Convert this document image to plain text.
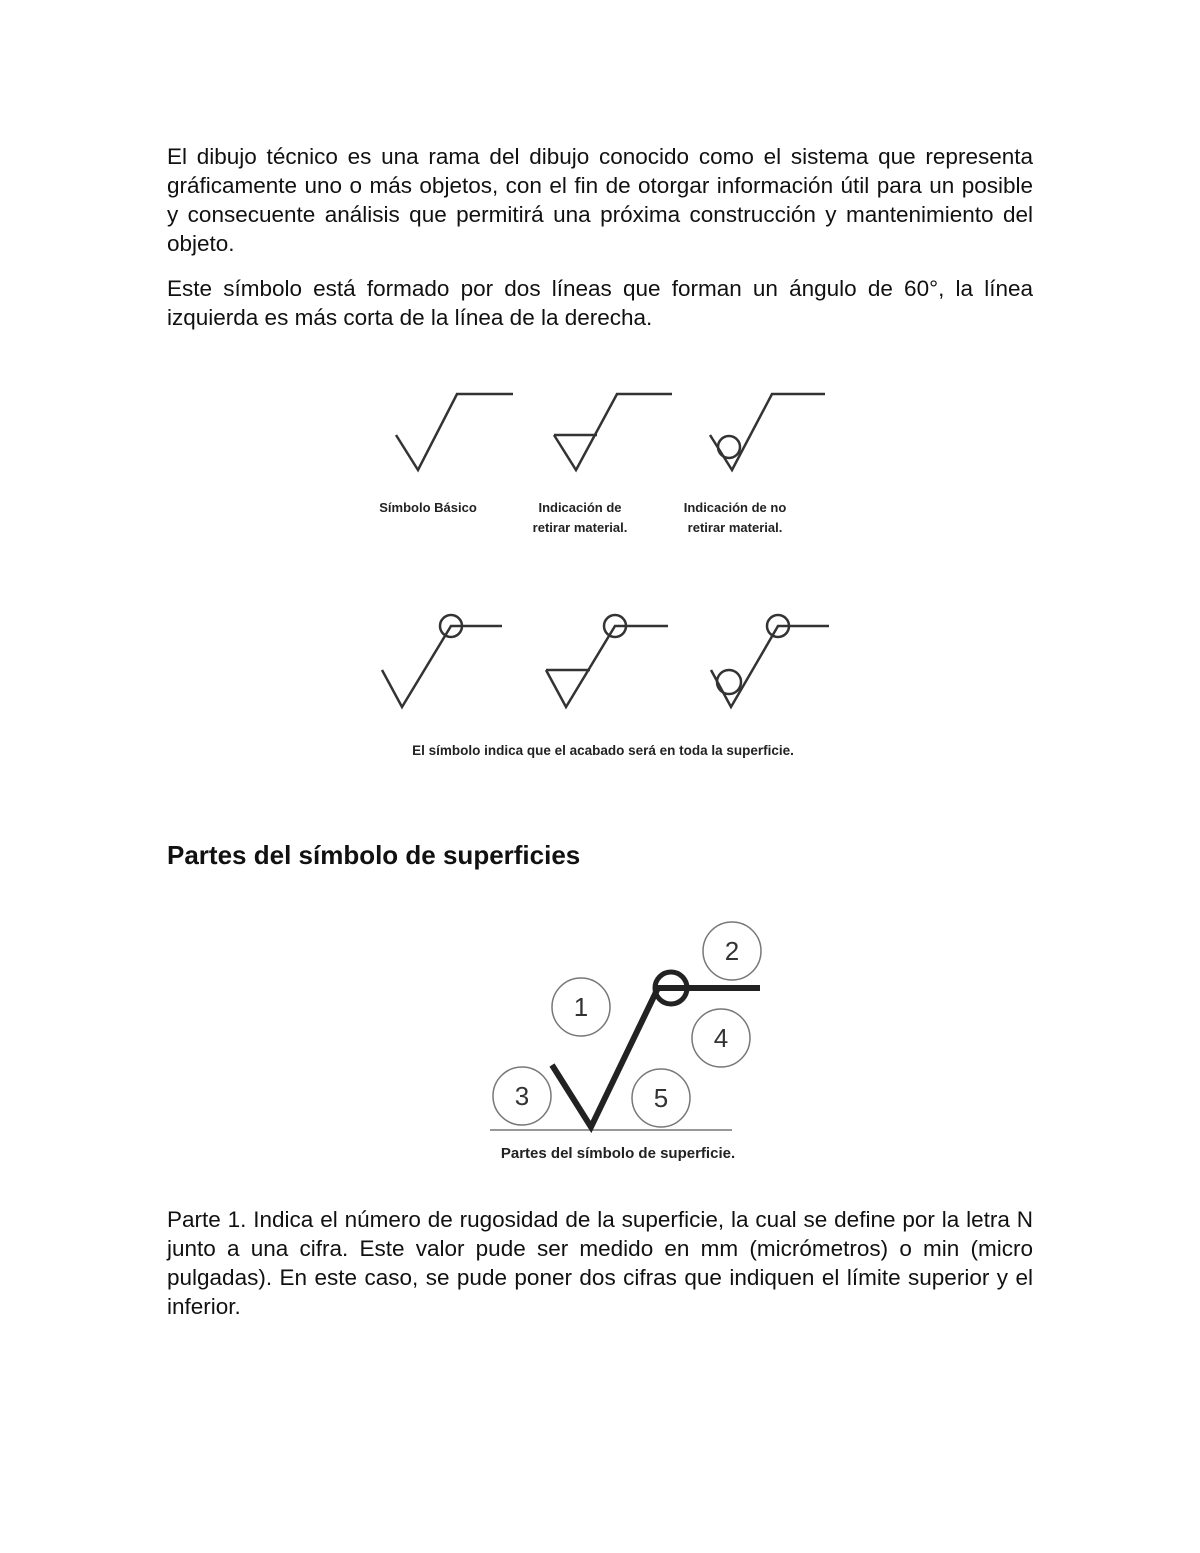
El dibujo técnico es una rama del dibujo conocido como el sistema que representa gráficamente uno o más objetos, con el fin de otorgar información útil para un posible y consecuente análisis que permitirá una próxima construcción y mantenimiento del objeto.

Este símbolo está formado por dos líneas que forman un ángulo de 60°, la línea izquierda es más corta de la línea de la derecha.

Símbolo Básico	Indicación de
retirar material.
Indicación de no
retirar material.
El símbolo indica que el acabado será en toda la superficie.
Partes del símbolo de superficies
1
2
3
4
5
Partes del símbolo de superficie.

Parte 1. Indica el número de rugosidad de la superficie, la cual se define por la letra N junto a una cifra. Este valor pude ser medido en mm (micrómetros) o min (micro pulgadas). En este caso, se pude poner dos cifras que indiquen el límite superior y el inferior.
